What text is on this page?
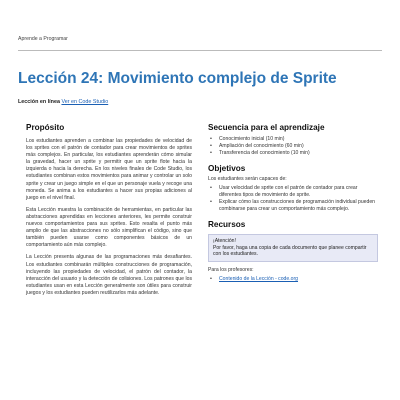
Aprende a Programar
Lección 24: Movimiento complejo de Sprite
Lección en línea Ver en Code Studio
Propósito
Los estudiantes aprenden a combinar las propiedades de velocidad de los sprites con el patrón de contador para crear movimientos de sprites más complejos. En particular, los estudiantes aprenderán cómo simular la gravedad, hacer un sprite y permitir que un sprite flote hacia la izquierda o hacia la derecha. En los niveles finales de Code Studio, los estudiantes combinan estos movimientos para animar y controlar un solo sprite y crear un juego simple en el que un personaje vuela y recoge una moneda. Se anima a los estudiantes a hacer sus propias adiciones al juego en el nivel final.
Esta Lección muestra la combinación de herramientas, en particular las abstracciones aprendidas en lecciones anteriores, les permite construir nuevos comportamientos para sus sprites. Esto resalta el punto más amplio de que las abstracciones no sólo simplifican el código, sino que también pueden usarse como componentes básicos de un comportamiento aún más complejo.
La Lección presenta algunas de las programaciones más desafiantes. Los estudiantes combinarán múltiples construcciones de programación, incluyendo las propiedades de velocidad, el patrón del contador, la interacción del usuario y la detección de colisiones. Los patrones que los estudiantes usan en esta Lección generalmente son útiles para construir juegos y los estudiantes pueden reutilizarlos más adelante.
Secuencia para el aprendizaje
• Conocimiento inicial (10 min)
• Ampliación del conocimiento (60 min)
• Transferencia del conocimiento (10 min)
Objetivos
Los estudiantes serán capaces de:
• Usar velocidad de sprite con el patrón de contador para crear diferentes tipos de movimiento de sprite.
• Explicar cómo las construcciones de programación individual pueden combinarse para crear un comportamiento más complejo.
Recursos
¡Atención!
Por favor, haga una copia de cada documento que planee compartir con los estudiantes.
Para los profesores:
• Contenido de la Lección - code.org
